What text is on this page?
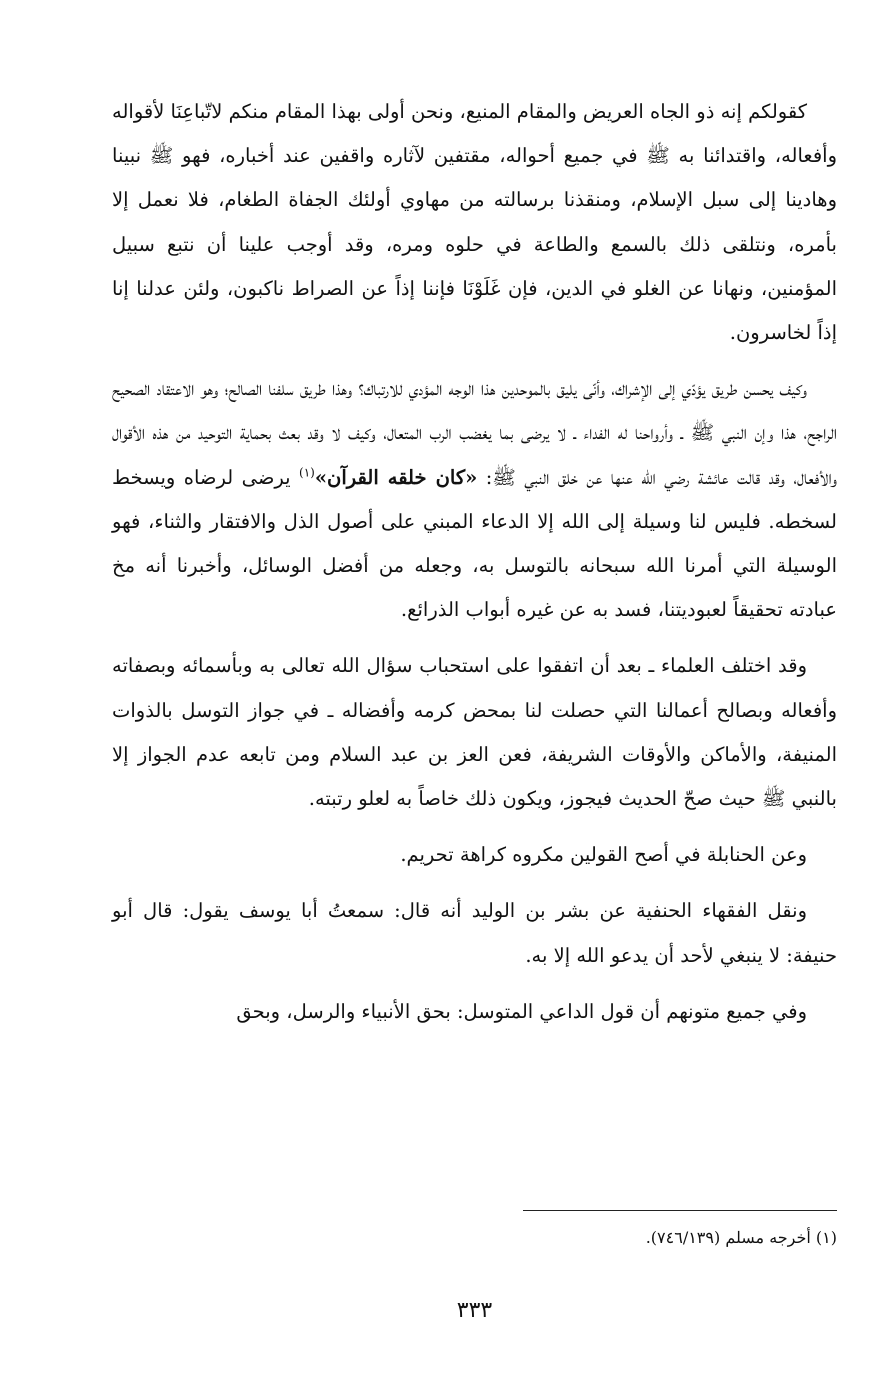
كقولكم إنه ذو الجاه العريض والمقام المنيع، ونحن أولى بهذا المقام منكم لاتّباعِنَا لأقواله وأفعاله، واقتدائنا به ﷺ في جميع أحواله، مقتفين لآثاره واقفين عند أخباره، فهو ﷺ نبينا وهادينا إلى سبل الإسلام، ومنقذنا برسالته من مهاوي أولئك الجفاة الطغام، فلا نعمل إلا بأمره، ونتلقى ذلك بالسمع والطاعة في حلوه ومره، وقد أوجب علينا أن نتبع سبيل المؤمنين، ونهانا عن الغلو في الدين، فإن غَلَوْنَا فإننا إذاً عن الصراط ناكبون، ولئن عدلنا إنا إذاً لخاسرون.

وكيف يحسن طريق يؤدّي إلى الإشراك، وأنّى يليق بالموحدين هذا الوجه المؤدي للارتباك؟ وهذا طريق سلفنا الصالح؛ وهو الاعتقاد الصحيح الراجح، هذا وإن النبي ﷺ ـ وأرواحنا له الفداء ـ لا يرضى بما يغضب الرب المتعال، وكيف لا وقد بعث بحماية التوحيد من هذه الأقوال والأفعال، وقد قالت عائشة رضي الله عنها عن خلق النبي ﷺ: «كان خلقه القرآن»$^{(١)}$ يرضى لرضاه ويسخط لسخطه. فليس لنا وسيلة إلى الله إلا الدعاء المبني على أصول الذل والافتقار والثناء، فهو الوسيلة التي أمرنا الله سبحانه بالتوسل به، وجعله من أفضل الوسائل، وأخبرنا أنه مخ عبادته تحقيقاً لعبوديتنا، فسد به عن غيره أبواب الذرائع.

وقد اختلف العلماء ـ بعد أن اتفقوا على استحباب سؤال الله تعالى به وبأسمائه وبصفاته وأفعاله وبصالح أعمالنا التي حصلت لنا بمحض كرمه وأفضاله ـ في جواز التوسل بالذوات المنيفة، والأماكن والأوقات الشريفة، فعن العز بن عبد السلام ومن تابعه عدم الجواز إلا بالنبي ﷺ حيث صحّ الحديث فيجوز، ويكون ذلك خاصاً به لعلو رتبته.

وعن الحنابلة في أصح القولين مكروه كراهة تحريم.

ونقل الفقهاء الحنفية عن بشر بن الوليد أنه قال: سمعتُ أبا يوسف يقول: قال أبو حنيفة: لا ينبغي لأحد أن يدعو الله إلا به.

وفي جميع متونهم أن قول الداعي المتوسل: بحق الأنبياء والرسل، وبحق

(١) أخرجه مسلم (٧٤٦/١٣٩).
٣٣٣
